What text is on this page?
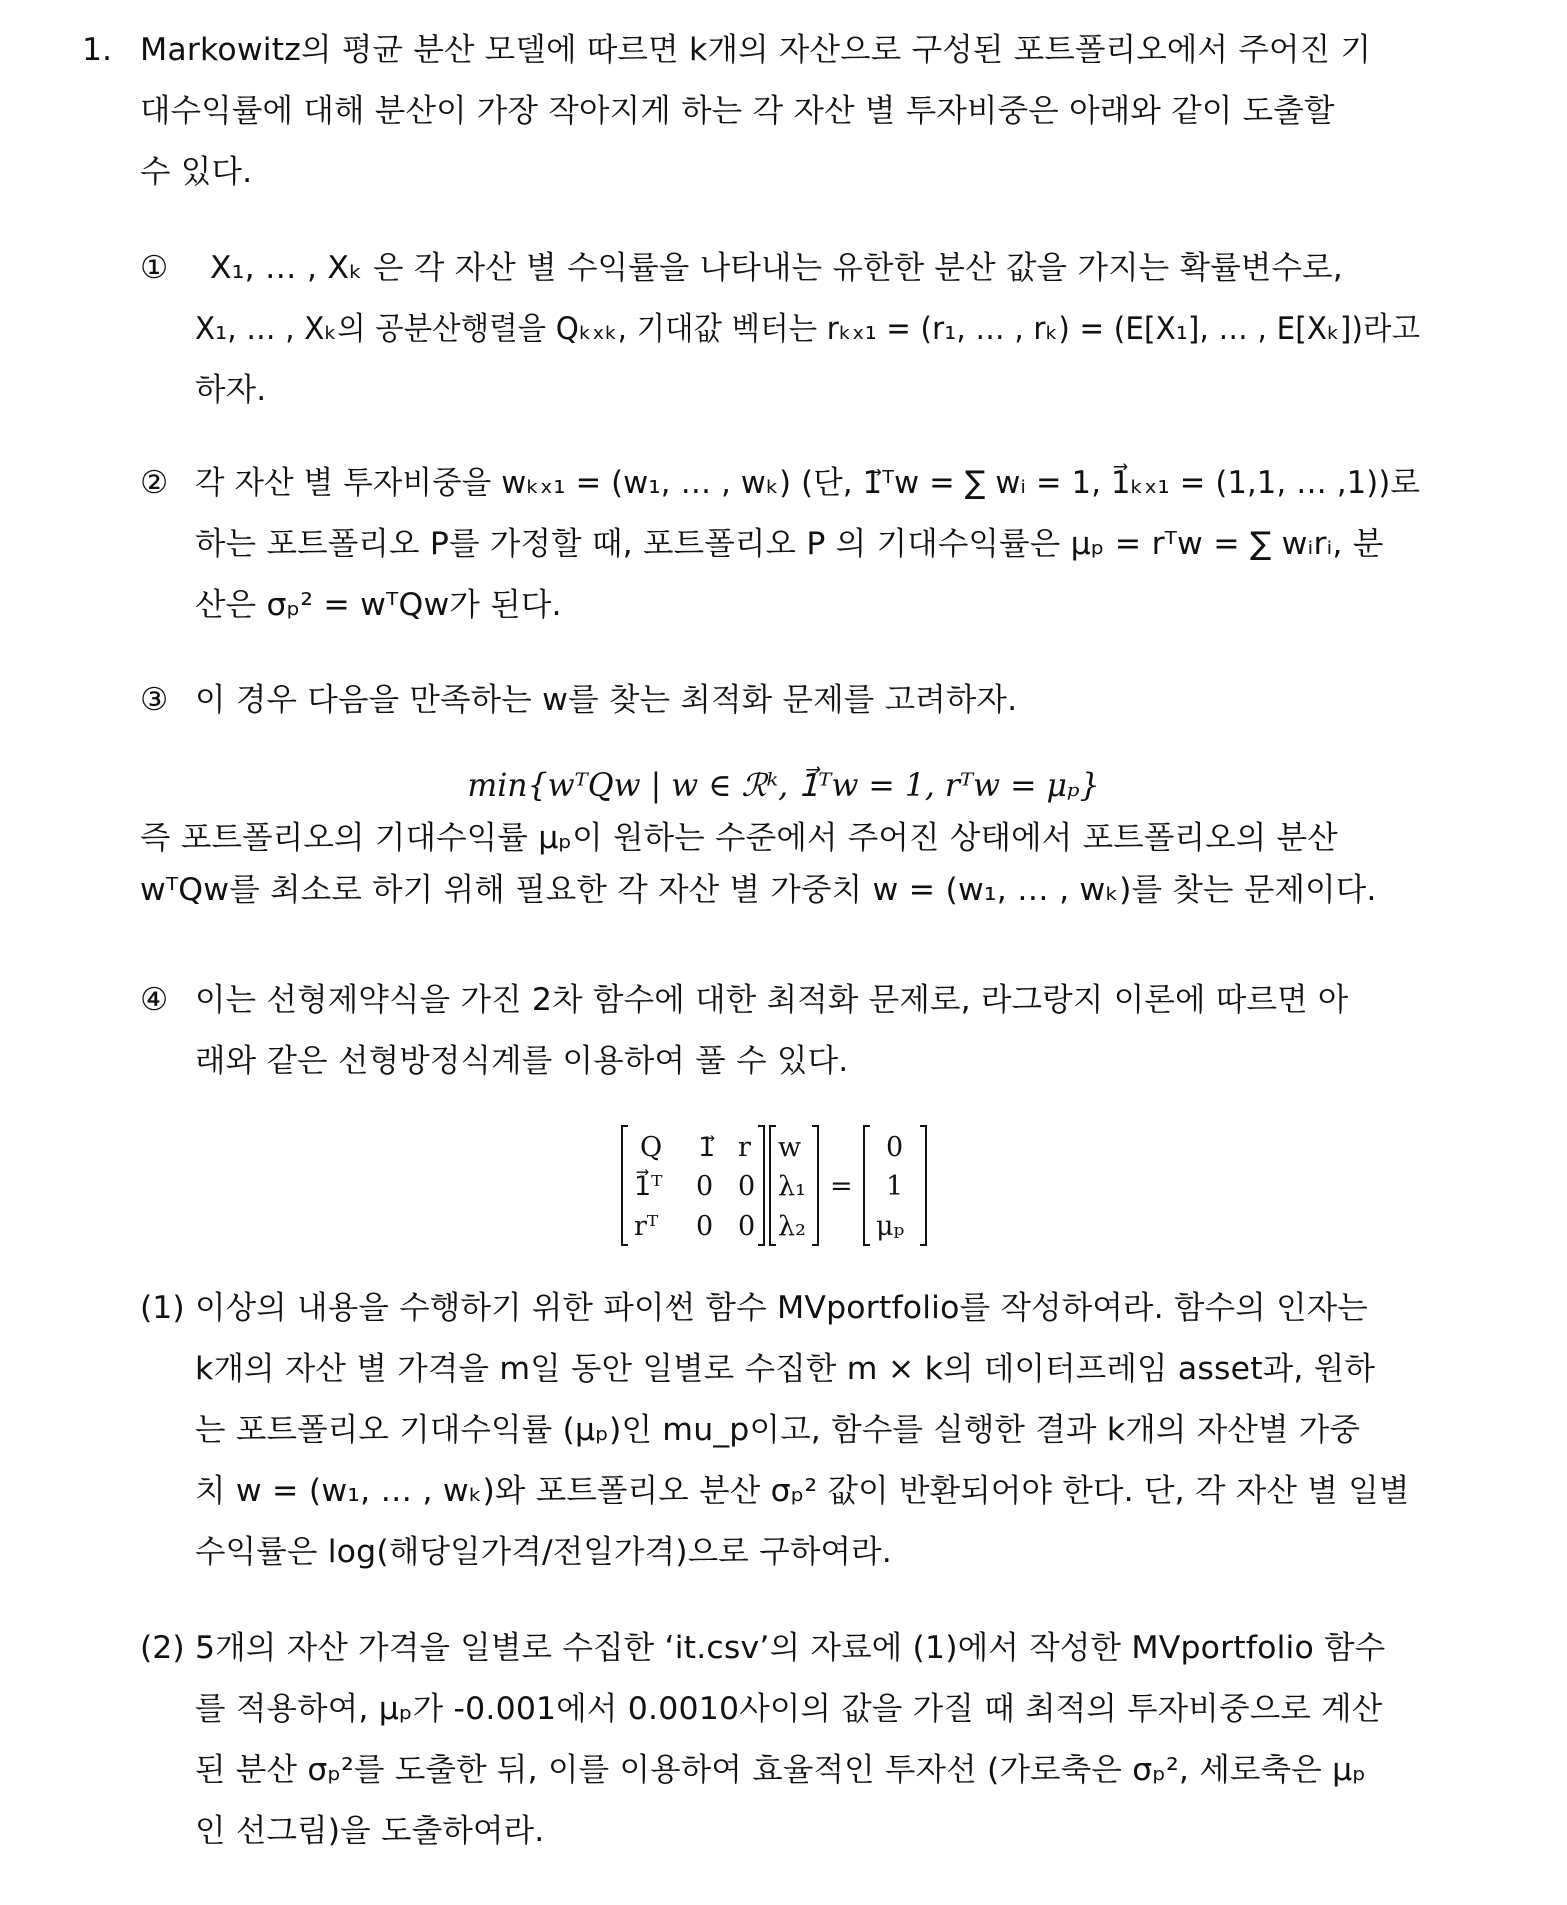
1. Markowitz의 평균 분산 모델에 따르면 k개의 자산으로 구성된 포트폴리오에서 주어진 기
대수익률에 대해 분산이 가장 작아지게 하는 각 자산 별 투자비중은 아래와 같이 도출할
수 있다.
① X₁, … , Xₖ 은 각 자산 별 수익률을 나타내는 유한한 분산 값을 가지는 확률변수로,
X₁, … , Xₖ의 공분산행렬을 Qₖₓₖ, 기대값 벡터는 rₖₓ₁ = (r₁, … , rₖ) = (E[X₁], … , E[Xₖ])라고
하자.
② 각 자산 별 투자비중을 wₖₓ₁ = (w₁, … , wₖ) (단, 1⃗ᵀw = ∑ wᵢ = 1, 1⃗ₖₓ₁ = (1,1, … ,1))로
하는 포트폴리오 P를 가정할 때, 포트폴리오 P 의 기대수익률은 μₚ = rᵀw = ∑ wᵢrᵢ, 분
산은 σₚ² = wᵀQw가 된다.
③ 이 경우 다음을 만족하는 w를 찾는 최적화 문제를 고려하자.
min{wᵀQw | w ∈ ℛᵏ, 1⃗ᵀw = 1, rᵀw = μₚ}
즉 포트폴리오의 기대수익률 μₚ이 원하는 수준에서 주어진 상태에서 포트폴리오의 분산
wᵀQw를 최소로 하기 위해 필요한 각 자산 별 가중치 w = (w₁, … , wₖ)를 찾는 문제이다.
④ 이는 선형제약식을 가진 2차 함수에 대한 최적화 문제로, 라그랑지 이론에 따르면 아
래와 같은 선형방정식계를 이용하여 풀 수 있다.
Q 1⃗ r
1⃗ᵀ 0 0
rᵀ 0 0
w
λ₁
λ₂
=
0
1
μₚ
(1) 이상의 내용을 수행하기 위한 파이썬 함수 MVportfolio를 작성하여라. 함수의 인자는
k개의 자산 별 가격을 m일 동안 일별로 수집한 m × k의 데이터프레임 asset과, 원하
는 포트폴리오 기대수익률 (μₚ)인 mu_p이고, 함수를 실행한 결과 k개의 자산별 가중
치 w = (w₁, … , wₖ)와 포트폴리오 분산 σₚ² 값이 반환되어야 한다. 단, 각 자산 별 일별
수익률은 log(해당일가격/전일가격)으로 구하여라.
(2) 5개의 자산 가격을 일별로 수집한 ‘it.csv’의 자료에 (1)에서 작성한 MVportfolio 함수
를 적용하여, μₚ가 -0.001에서 0.0010사이의 값을 가질 때 최적의 투자비중으로 계산
된 분산 σₚ²를 도출한 뒤, 이를 이용하여 효율적인 투자선 (가로축은 σₚ², 세로축은 μₚ
인 선그림)을 도출하여라.
